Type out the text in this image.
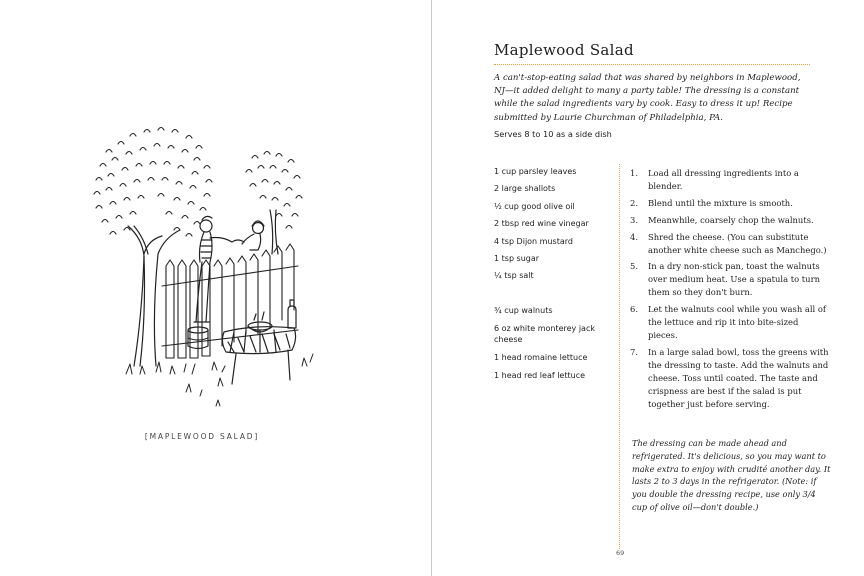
[MAPLEWOOD SALAD]
Maplewood Salad
A can't-stop-eating salad that was shared by neighbors in Maplewood, NJ—it added delight to many a party table! The dressing is a constant while the salad ingredients vary by cook. Easy to dress it up! Recipe submitted by Laurie Churchman of Philadelphia, PA.
Serves 8 to 10 as a side dish
1 cup parsley leaves
2 large shallots
½ cup good olive oil
2 tbsp red wine vinegar
4 tsp Dijon mustard
1 tsp sugar
¼ tsp salt
¾ cup walnuts
6 oz white monterey jack cheese
1 head romaine lettuce
1 head red leaf lettuce
1.	Load all dressing ingredients into a blender.
2.	Blend until the mixture is smooth.
3.	Meanwhile, coarsely chop the walnuts.
4.	Shred the cheese. (You can substitute another white cheese such as Manchego.)
5.	In a dry non-stick pan, toast the walnuts over medium heat. Use a spatula to turn them so they don't burn.
6.	Let the walnuts cool while you wash all of the lettuce and rip it into bite-sized pieces.
7.	In a large salad bowl, toss the greens with the dressing to taste. Add the walnuts and cheese. Toss until coated. The taste and crispness are best if the salad is put together just before serving.
The dressing can be made ahead and refrigerated. It's delicious, so you may want to make extra to enjoy with crudité another day. It lasts 2 to 3 days in the refrigerator. (Note: if you double the dressing recipe, use only 3/4 cup of olive oil—don't double.)
69
